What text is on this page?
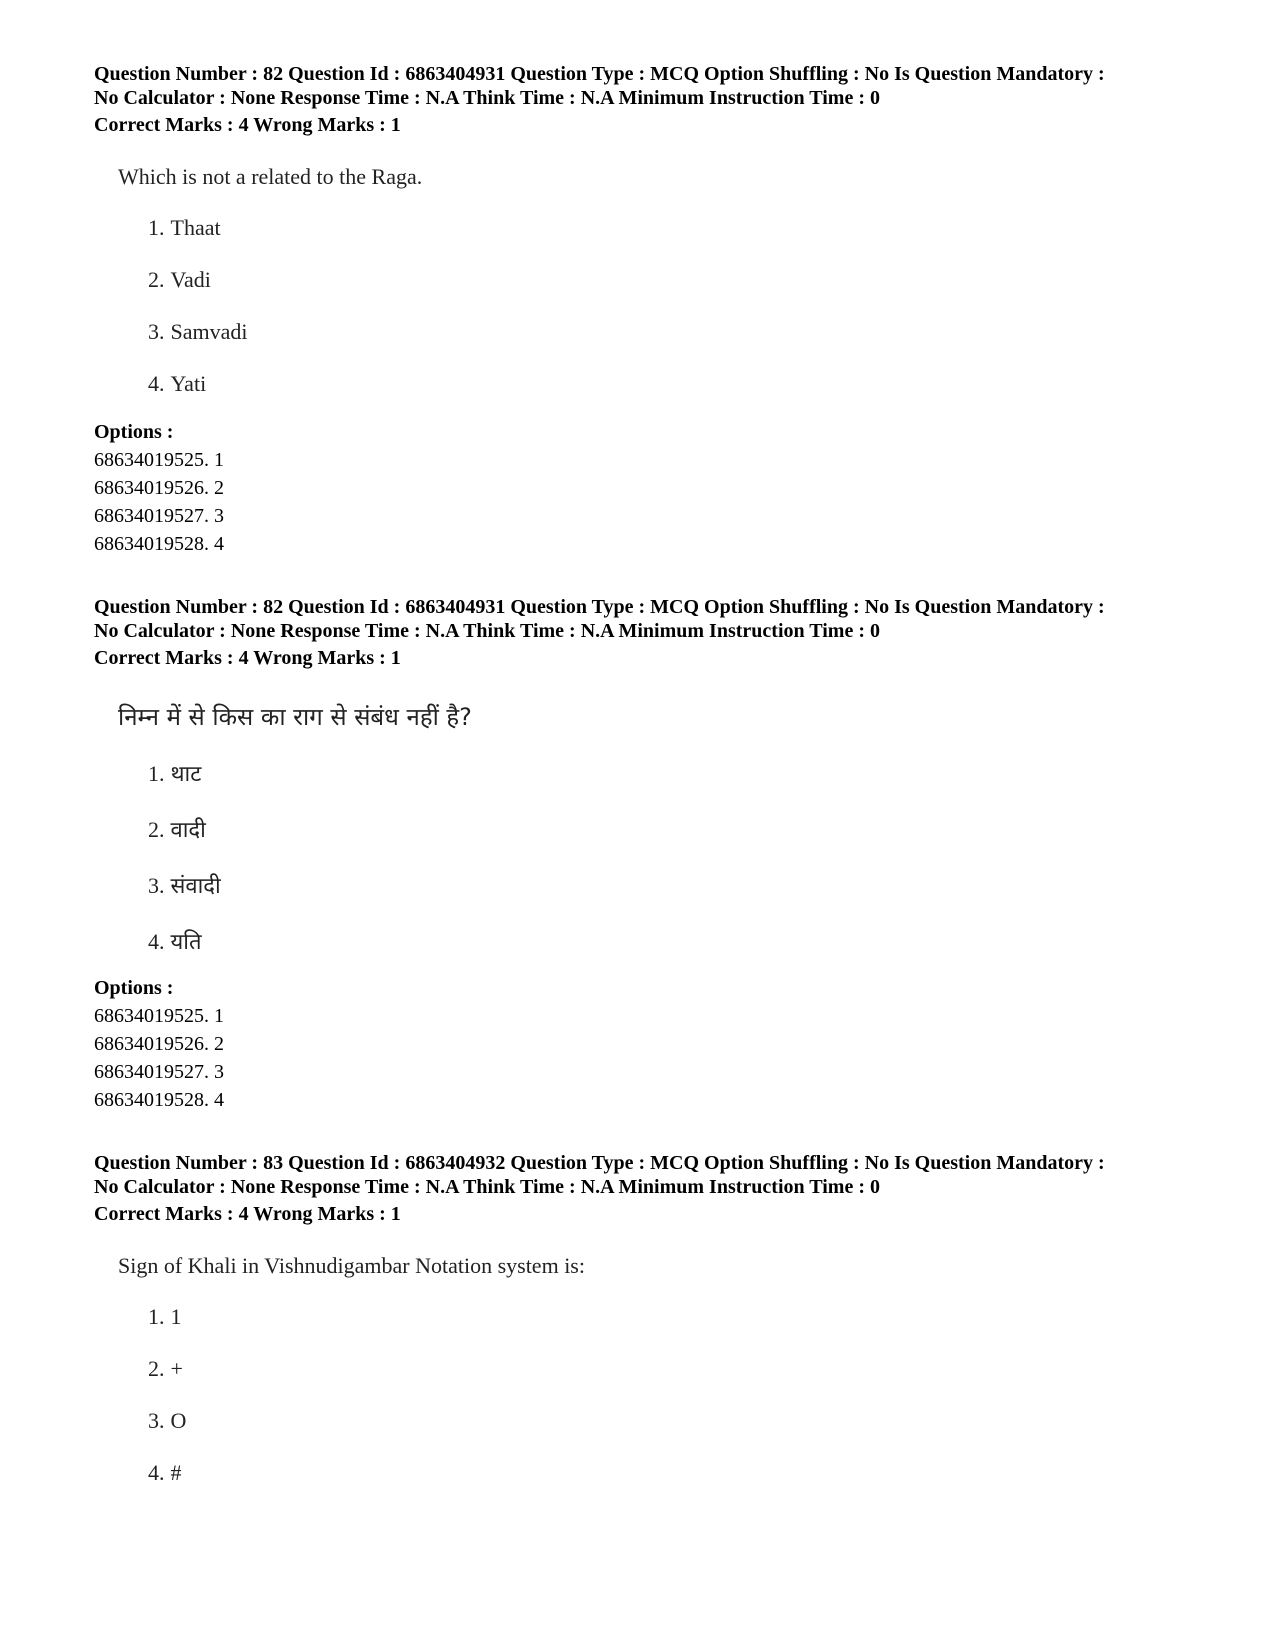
Question Number : 82 Question Id : 6863404931 Question Type : MCQ Option Shuffling : No Is Question Mandatory :
No Calculator : None Response Time : N.A Think Time : N.A Minimum Instruction Time : 0
Correct Marks : 4 Wrong Marks : 1
Which is not a related to the Raga.
1. Thaat
2. Vadi
3. Samvadi
4. Yati
Options :
68634019525. 1
68634019526. 2
68634019527. 3
68634019528. 4
Question Number : 82 Question Id : 6863404931 Question Type : MCQ Option Shuffling : No Is Question Mandatory :
No Calculator : None Response Time : N.A Think Time : N.A Minimum Instruction Time : 0
Correct Marks : 4 Wrong Marks : 1
निम्न में से किस का राग से संबंध नहीं है?
1. थाट
2. वादी
3. संवादी
4. यति
Options :
68634019525. 1
68634019526. 2
68634019527. 3
68634019528. 4
Question Number : 83 Question Id : 6863404932 Question Type : MCQ Option Shuffling : No Is Question Mandatory :
No Calculator : None Response Time : N.A Think Time : N.A Minimum Instruction Time : 0
Correct Marks : 4 Wrong Marks : 1
Sign of Khali in Vishnudigambar Notation system is:
1. 1
2. +
3. O
4. #
